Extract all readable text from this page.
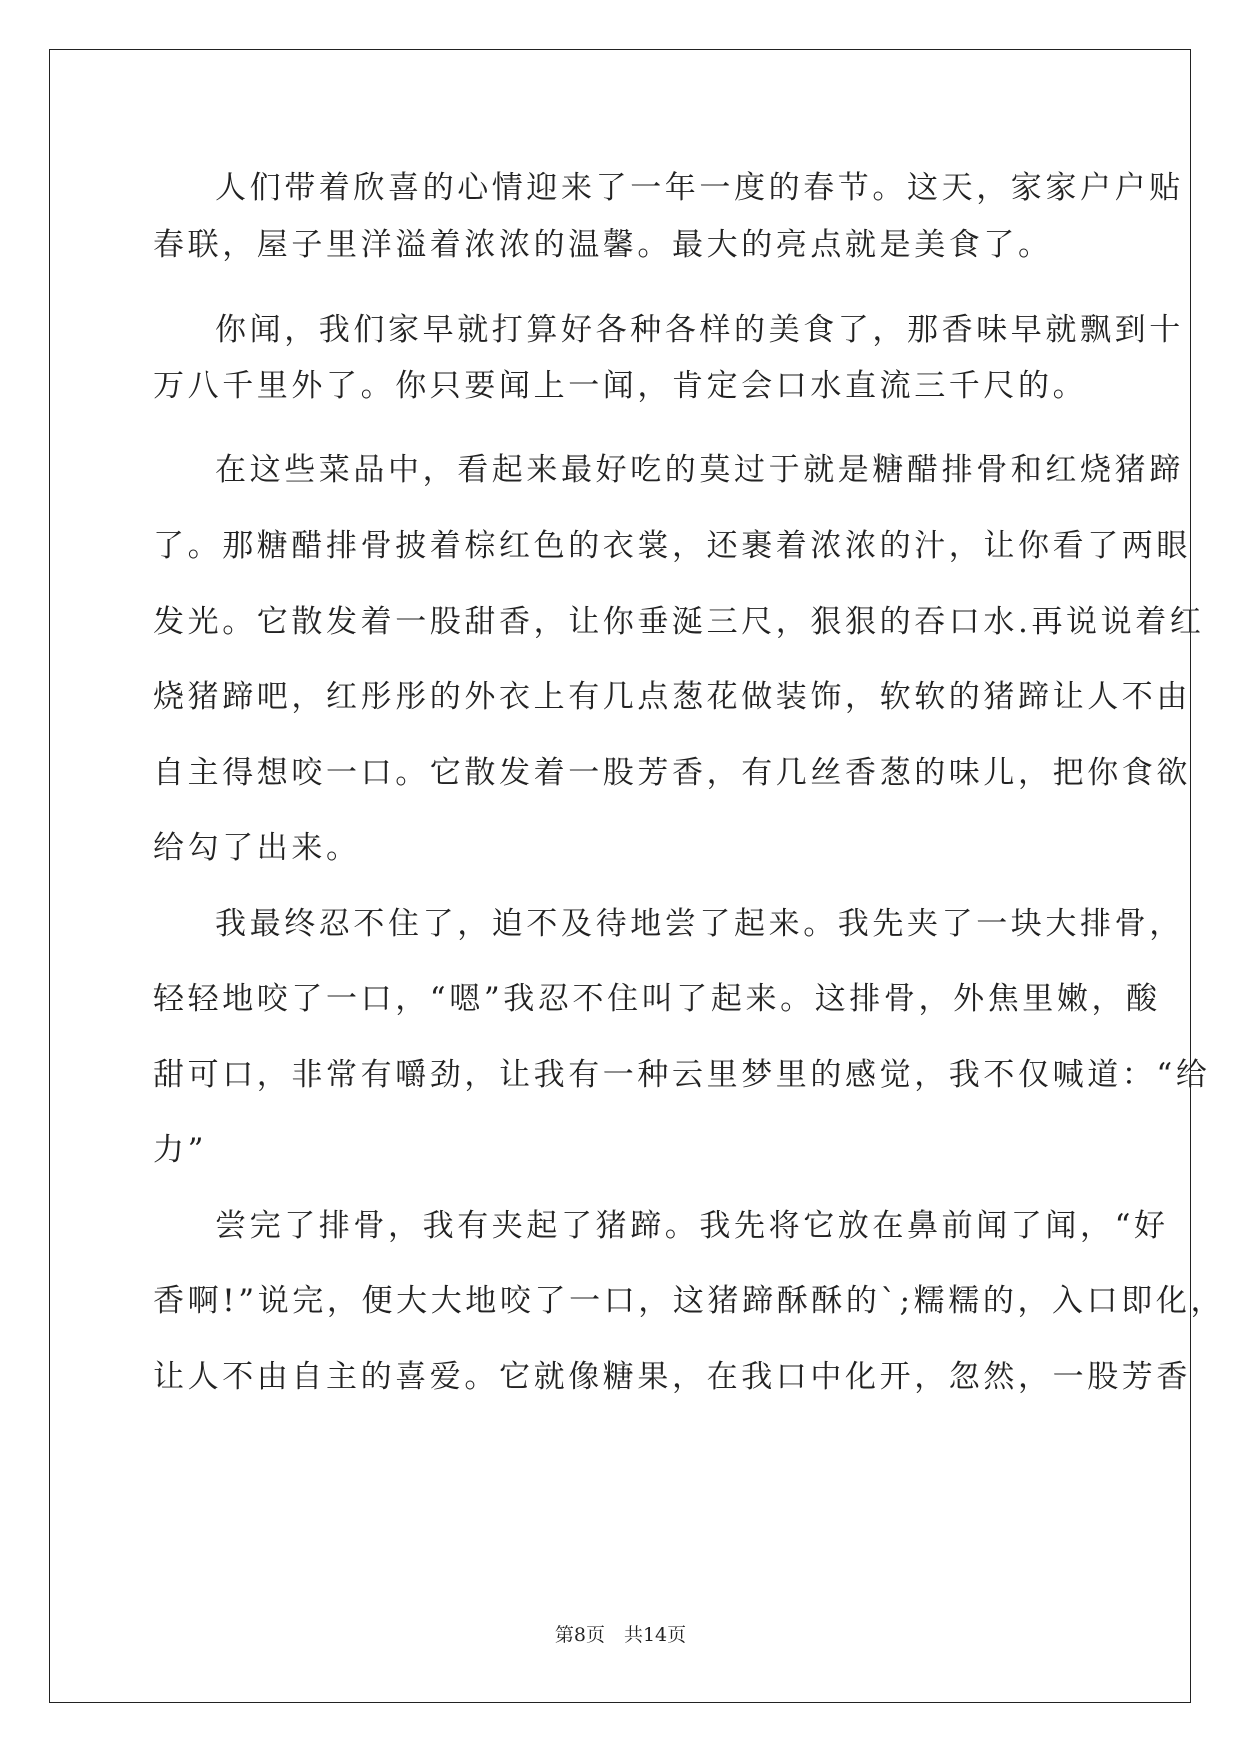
人们带着欣喜的心情迎来了一年一度的春节。这天，家家户户贴
春联，屋子里洋溢着浓浓的温馨。最大的亮点就是美食了。
你闻，我们家早就打算好各种各样的美食了，那香味早就飘到十
万八千里外了。你只要闻上一闻，肯定会口水直流三千尺的。
在这些菜品中，看起来最好吃的莫过于就是糖醋排骨和红烧猪蹄
了。那糖醋排骨披着棕红色的衣裳，还裹着浓浓的汁，让你看了两眼
发光。它散发着一股甜香，让你垂涎三尺，狠狠的吞口水.再说说着红
烧猪蹄吧，红彤彤的外衣上有几点葱花做装饰，软软的猪蹄让人不由
自主得想咬一口。它散发着一股芳香，有几丝香葱的味儿，把你食欲
给勾了出来。
我最终忍不住了，迫不及待地尝了起来。我先夹了一块大排骨，
轻轻地咬了一口，“嗯”我忍不住叫了起来。这排骨，外焦里嫩，酸
甜可口，非常有嚼劲，让我有一种云里梦里的感觉，我不仅喊道：“给
力”
尝完了排骨，我有夹起了猪蹄。我先将它放在鼻前闻了闻，“好
香啊!”说完，便大大地咬了一口，这猪蹄酥酥的`;糯糯的，入口即化，
让人不由自主的喜爱。它就像糖果，在我口中化开，忽然，一股芳香
第8页　共14页
